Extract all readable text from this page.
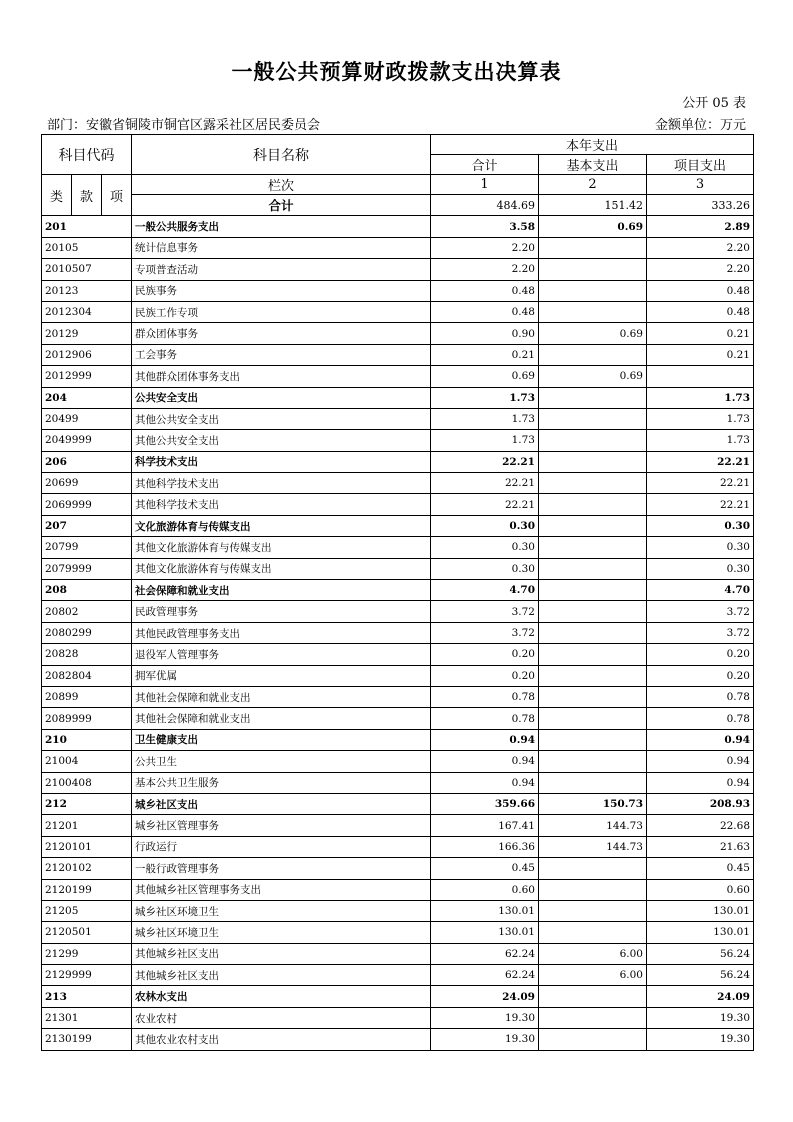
一般公共预算财政拨款支出决算表
公开 05 表
部门：安徽省铜陵市铜官区露采社区居民委员会	金额单位：万元
科目代码			科目名称	本年支出		
				合计	基本支出	项目支出
类	款	项	栏次	1	2	3
			合计	484.69	151.42	333.26
201			一般公共服务支出	3.58	0.69	2.89
20105			统计信息事务	2.20		2.20
2010507			专项普查活动	2.20		2.20
20123			民族事务	0.48		0.48
2012304			民族工作专项	0.48		0.48
20129			群众团体事务	0.90	0.69	0.21
2012906			工会事务	0.21		0.21
2012999			其他群众团体事务支出	0.69	0.69	
204			公共安全支出	1.73		1.73
20499			其他公共安全支出	1.73		1.73
2049999			其他公共安全支出	1.73		1.73
206			科学技术支出	22.21		22.21
20699			其他科学技术支出	22.21		22.21
2069999			其他科学技术支出	22.21		22.21
207			文化旅游体育与传媒支出	0.30		0.30
20799			其他文化旅游体育与传媒支出	0.30		0.30
2079999			其他文化旅游体育与传媒支出	0.30		0.30
208			社会保障和就业支出	4.70		4.70
20802			民政管理事务	3.72		3.72
2080299			其他民政管理事务支出	3.72		3.72
20828			退役军人管理事务	0.20		0.20
2082804			拥军优属	0.20		0.20
20899			其他社会保障和就业支出	0.78		0.78
2089999			其他社会保障和就业支出	0.78		0.78
210			卫生健康支出	0.94		0.94
21004			公共卫生	0.94		0.94
2100408			基本公共卫生服务	0.94		0.94
212			城乡社区支出	359.66	150.73	208.93
21201			城乡社区管理事务	167.41	144.73	22.68
2120101			行政运行	166.36	144.73	21.63
2120102			一般行政管理事务	0.45		0.45
2120199			其他城乡社区管理事务支出	0.60		0.60
21205			城乡社区环境卫生	130.01		130.01
2120501			城乡社区环境卫生	130.01		130.01
21299			其他城乡社区支出	62.24	6.00	56.24
2129999			其他城乡社区支出	62.24	6.00	56.24
213			农林水支出	24.09		24.09
21301			农业农村	19.30		19.30
2130199			其他农业农村支出	19.30		19.30
